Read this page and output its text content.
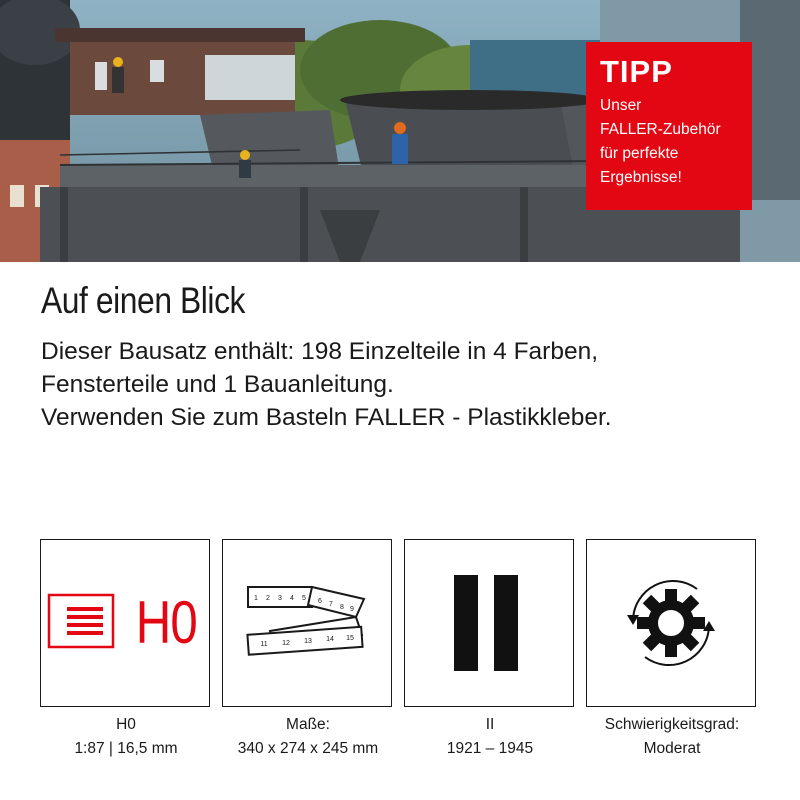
TIPP
Unser
FALLER-Zubehör
für perfekte
Ergebnisse!
Auf einen Blick
Dieser Bausatz enthält: 198 Einzelteile in 4 Farben,
Fensterteile und 1 Bauanleitung.
Verwenden Sie zum Basteln FALLER - Plastikkleber.
H0
H0
1:87 | 16,5 mm
1 2 3 4 5 6 7 8 9
11 12 13 14 15
Maße:
340 x 274 x 245 mm
II
1921 – 1945
Schwierigkeitsgrad:
Moderat
